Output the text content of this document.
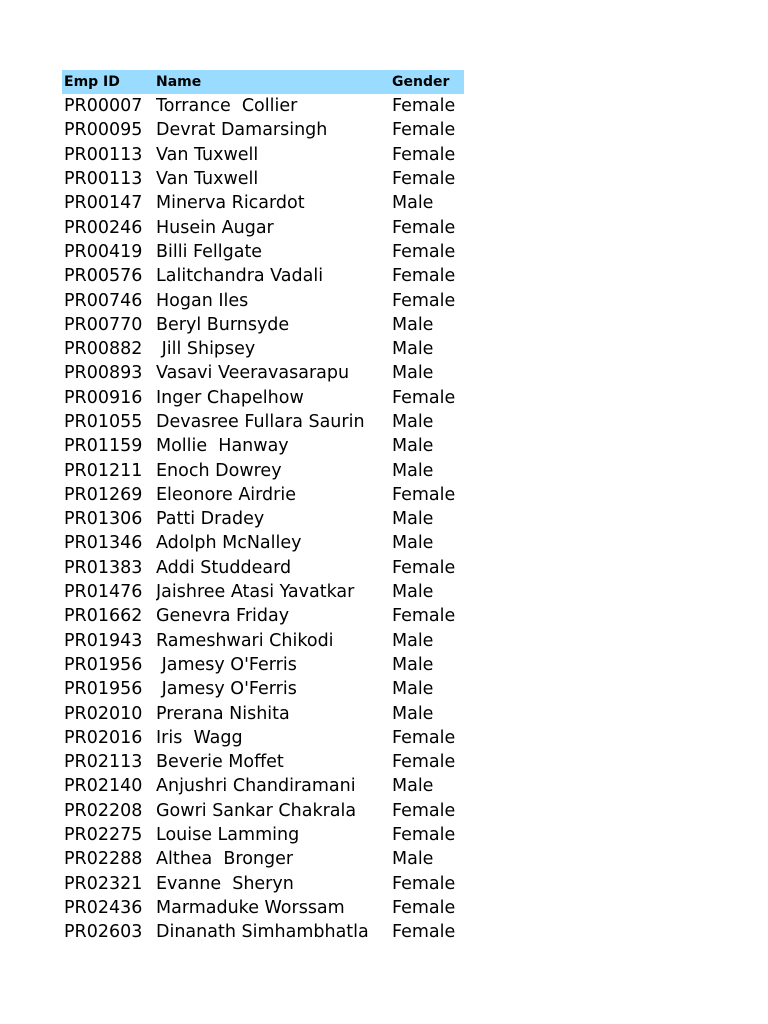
Emp ID	Name	Gender
PR00007 Torrance  Collier	Female
PR00095 Devrat Damarsingh	Female
PR00113 Van Tuxwell	Female
PR00113 Van Tuxwell	Female
PR00147 Minerva Ricardot	Male
PR00246 Husein Augar	Female
PR00419 Billi Fellgate	Female
PR00576 Lalitchandra Vadali	Female
PR00746 Hogan Iles	Female
PR00770 Beryl Burnsyde	Male
PR00882 Jill Shipsey	Male
PR00893 Vasavi Veeravasarapu	Male
PR00916 Inger Chapelhow	Female
PR01055 Devasree Fullara Saurin	Male
PR01159 Mollie  Hanway	Male
PR01211 Enoch Dowrey	Male
PR01269 Eleonore Airdrie	Female
PR01306 Patti Dradey	Male
PR01346 Adolph McNalley	Male
PR01383 Addi Studdeard	Female
PR01476 Jaishree Atasi Yavatkar	Male
PR01662 Genevra Friday	Female
PR01943 Rameshwari Chikodi	Male
PR01956 Jamesy O'Ferris	Male
PR01956 Jamesy O'Ferris	Male
PR02010 Prerana Nishita	Male
PR02016 Iris  Wagg	Female
PR02113 Beverie Moffet	Female
PR02140 Anjushri Chandiramani	Male
PR02208 Gowri Sankar Chakrala	Female
PR02275 Louise Lamming	Female
PR02288 Althea  Bronger	Male
PR02321 Evanne  Sheryn	Female
PR02436 Marmaduke Worssam	Female
PR02603 Dinanath Simhambhatla	Female
